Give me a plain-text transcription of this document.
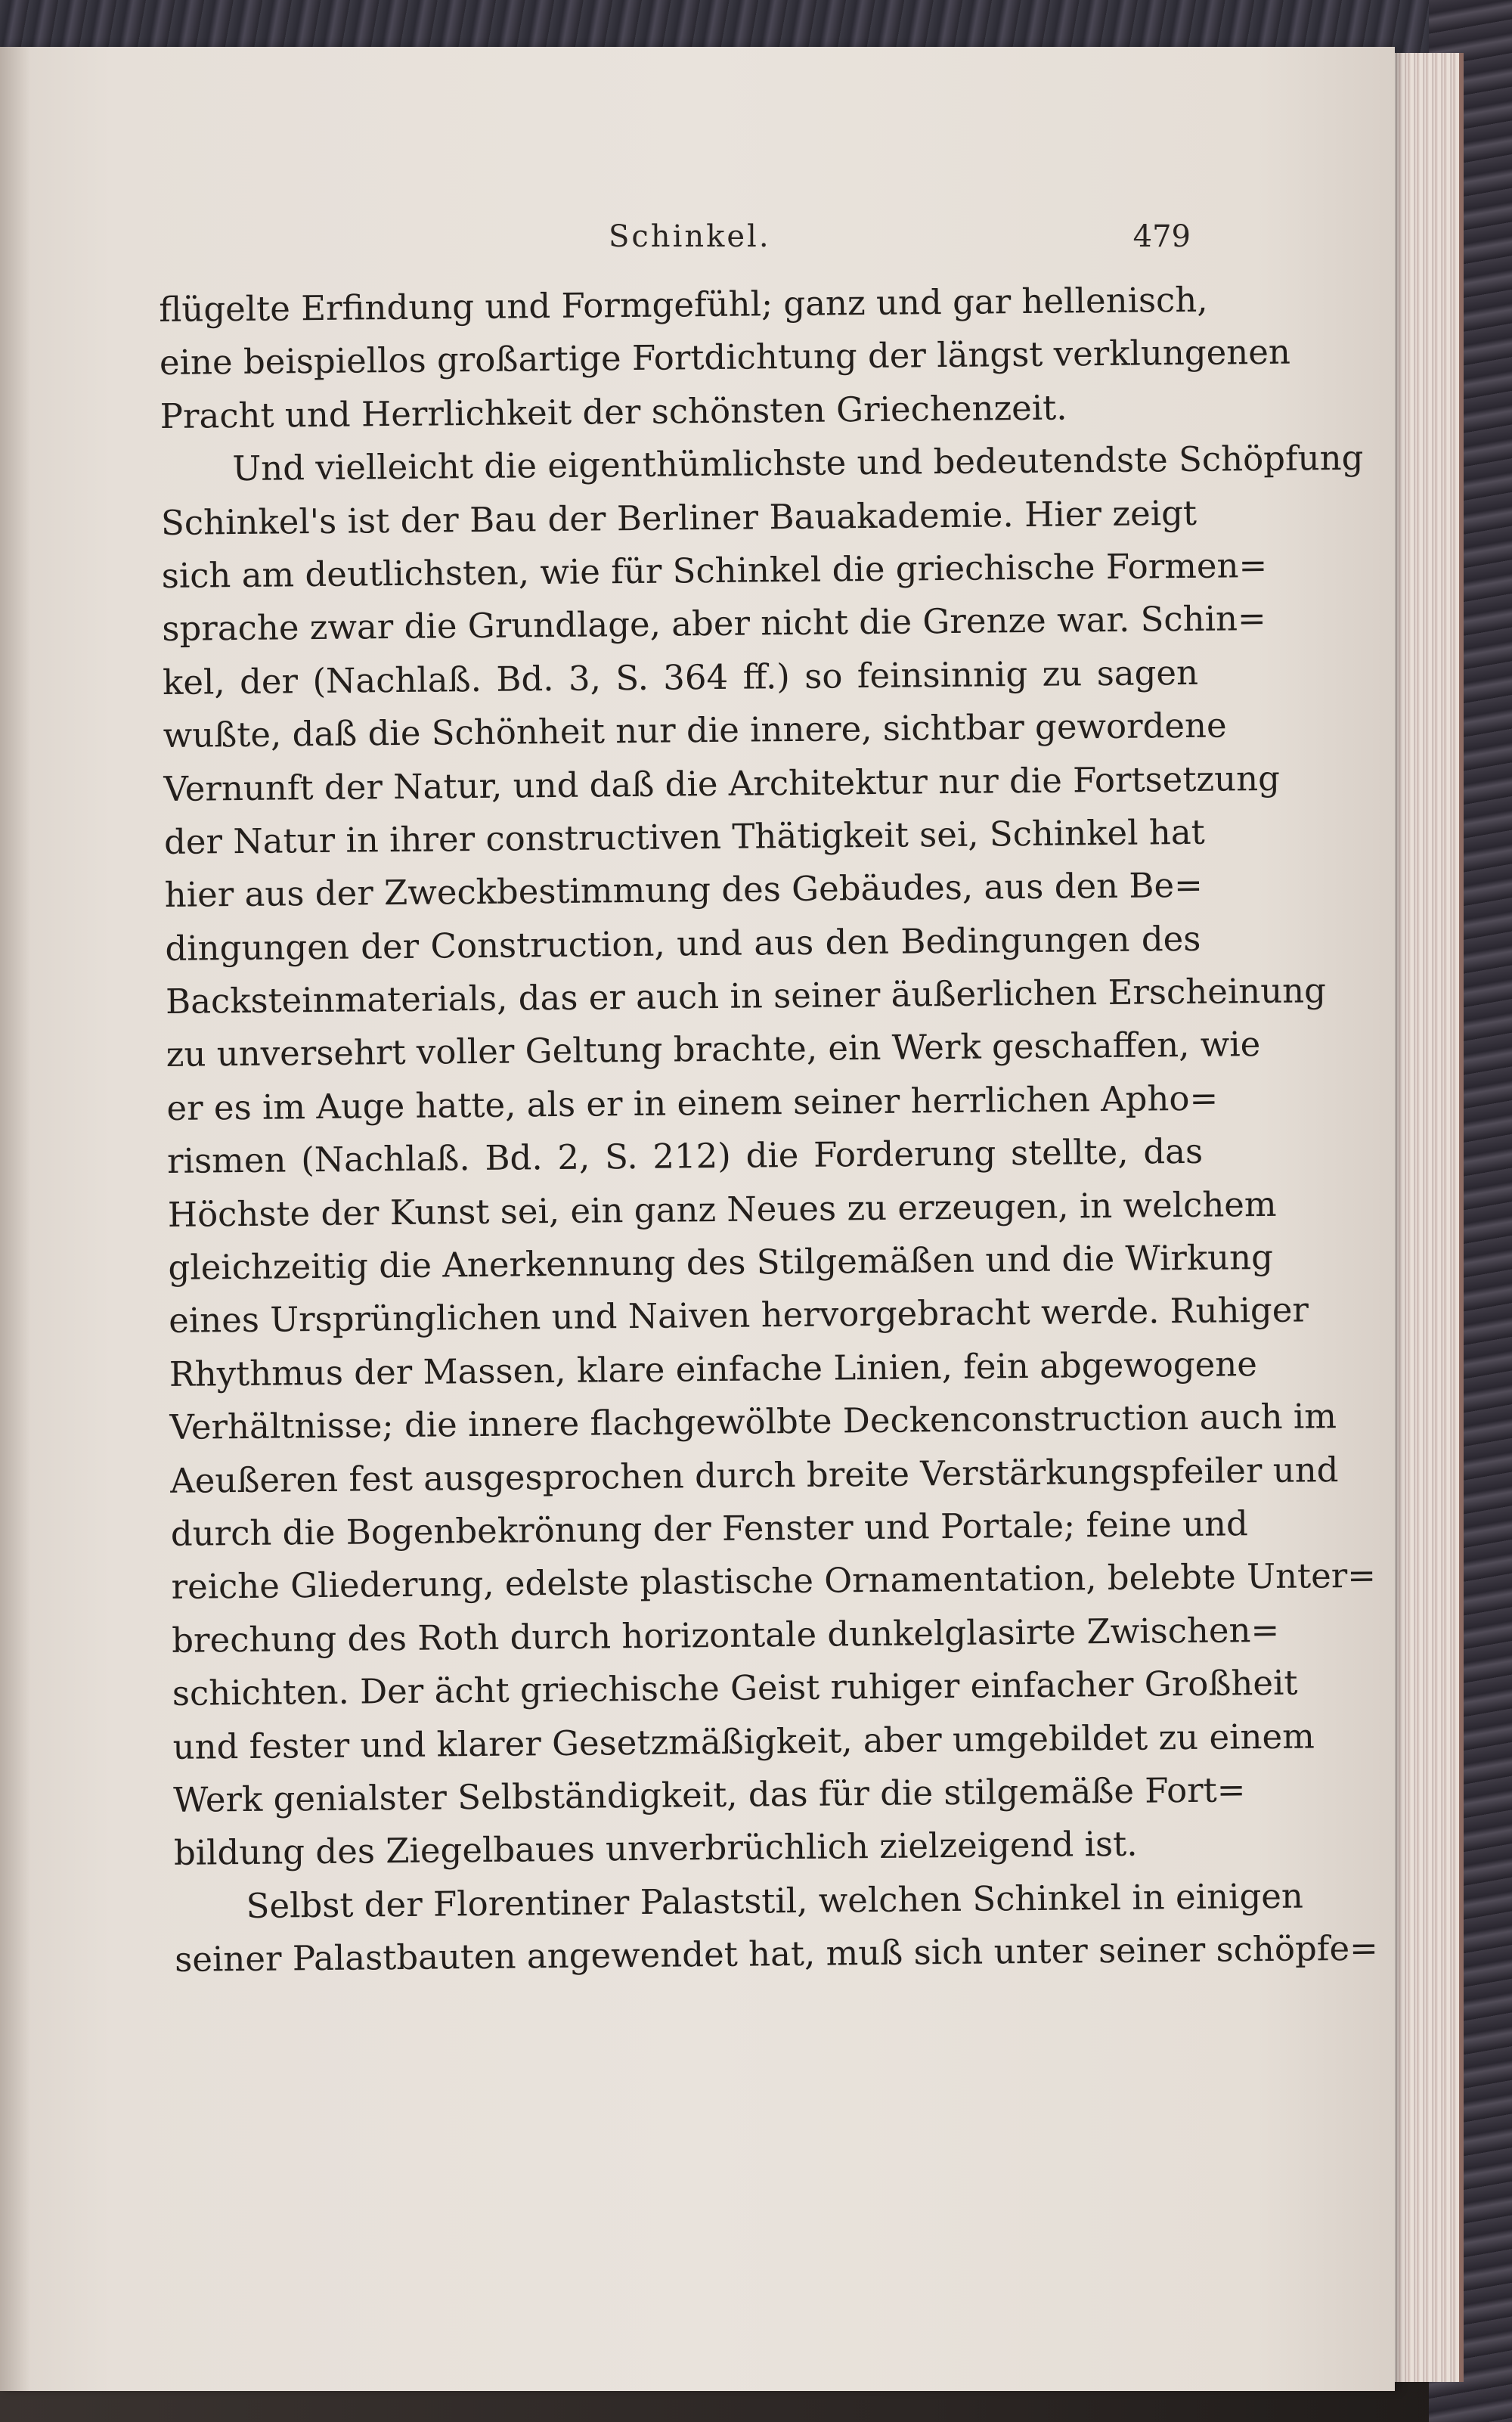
Schinkel.	479
flügelte Erfindung und Formgefühl; ganz und gar hellenisch,
eine beispiellos großartige Fortdichtung der längst verklungenen
Pracht und Herrlichkeit der schönsten Griechenzeit.
Und vielleicht die eigenthümlichste und bedeutendste Schöpfung
Schinkel's ist der Bau der Berliner Bauakademie. Hier zeigt
sich am deutlichsten, wie für Schinkel die griechische Formen=
sprache zwar die Grundlage, aber nicht die Grenze war. Schin=
kel, der (Nachlaß. Bd. 3, S. 364 ff.) so feinsinnig zu sagen
wußte, daß die Schönheit nur die innere, sichtbar gewordene
Vernunft der Natur, und daß die Architektur nur die Fortsetzung
der Natur in ihrer constructiven Thätigkeit sei, Schinkel hat
hier aus der Zweckbestimmung des Gebäudes, aus den Be=
dingungen der Construction, und aus den Bedingungen des
Backsteinmaterials, das er auch in seiner äußerlichen Erscheinung
zu unversehrt voller Geltung brachte, ein Werk geschaffen, wie
er es im Auge hatte, als er in einem seiner herrlichen Apho=
rismen (Nachlaß. Bd. 2, S. 212) die Forderung stellte, das
Höchste der Kunst sei, ein ganz Neues zu erzeugen, in welchem
gleichzeitig die Anerkennung des Stilgemäßen und die Wirkung
eines Ursprünglichen und Naiven hervorgebracht werde. Ruhiger
Rhythmus der Massen, klare einfache Linien, fein abgewogene
Verhältnisse; die innere flachgewölbte Deckenconstruction auch im
Aeußeren fest ausgesprochen durch breite Verstärkungspfeiler und
durch die Bogenbekrönung der Fenster und Portale; feine und
reiche Gliederung, edelste plastische Ornamentation, belebte Unter=
brechung des Roth durch horizontale dunkelglasirte Zwischen=
schichten. Der ächt griechische Geist ruhiger einfacher Großheit
und fester und klarer Gesetzmäßigkeit, aber umgebildet zu einem
Werk genialster Selbständigkeit, das für die stilgemäße Fort=
bildung des Ziegelbaues unverbrüchlich zielzeigend ist.
Selbst der Florentiner Palaststil, welchen Schinkel in einigen
seiner Palastbauten angewendet hat, muß sich unter seiner schöpfe=
